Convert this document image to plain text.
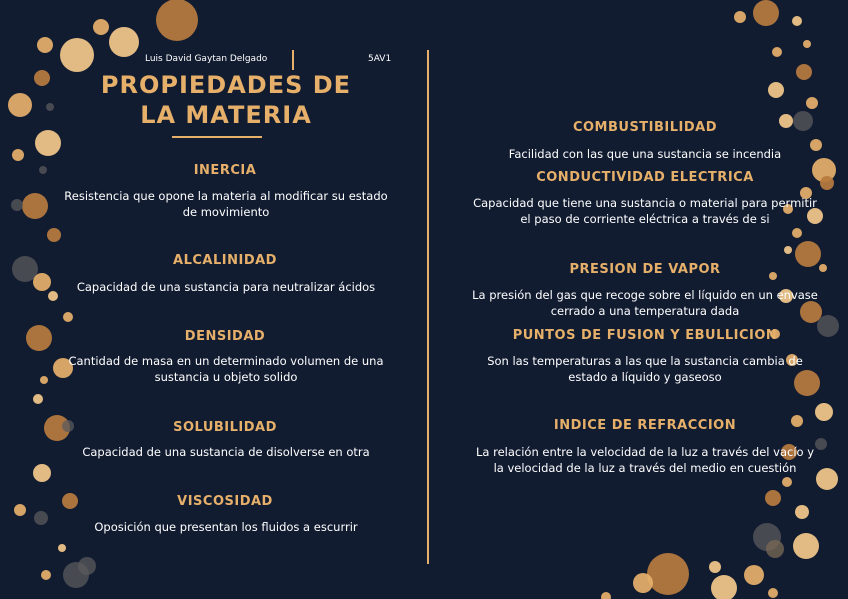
Luis David Gaytan Delgado	5AV1
PROPIEDADES DE LA MATERIA
INERCIA
Resistencia que opone la materia al modificar su estado de movimiento
ALCALINIDAD
Capacidad de una sustancia para neutralizar ácidos
DENSIDAD
Cantidad de masa en un determinado volumen de una sustancia u objeto solido
SOLUBILIDAD
Capacidad de una sustancia de disolverse en otra
VISCOSIDAD
Oposición que presentan los fluidos a escurrir
COMBUSTIBILIDAD
Facilidad con las que una sustancia se incendia
CONDUCTIVIDAD ELECTRICA
Capacidad que tiene una sustancia o material para permitir el paso de corriente eléctrica a través de si
PRESION DE VAPOR
La presión del gas que recoge sobre el líquido en un envase cerrado a una temperatura dada
PUNTOS DE FUSION Y EBULLICION
Son las temperaturas a las que la sustancia cambia de estado a líquido y gaseoso
INDICE DE REFRACCION
La relación entre la velocidad de la luz a través del vacío y la velocidad de la luz a través del medio en cuestión
